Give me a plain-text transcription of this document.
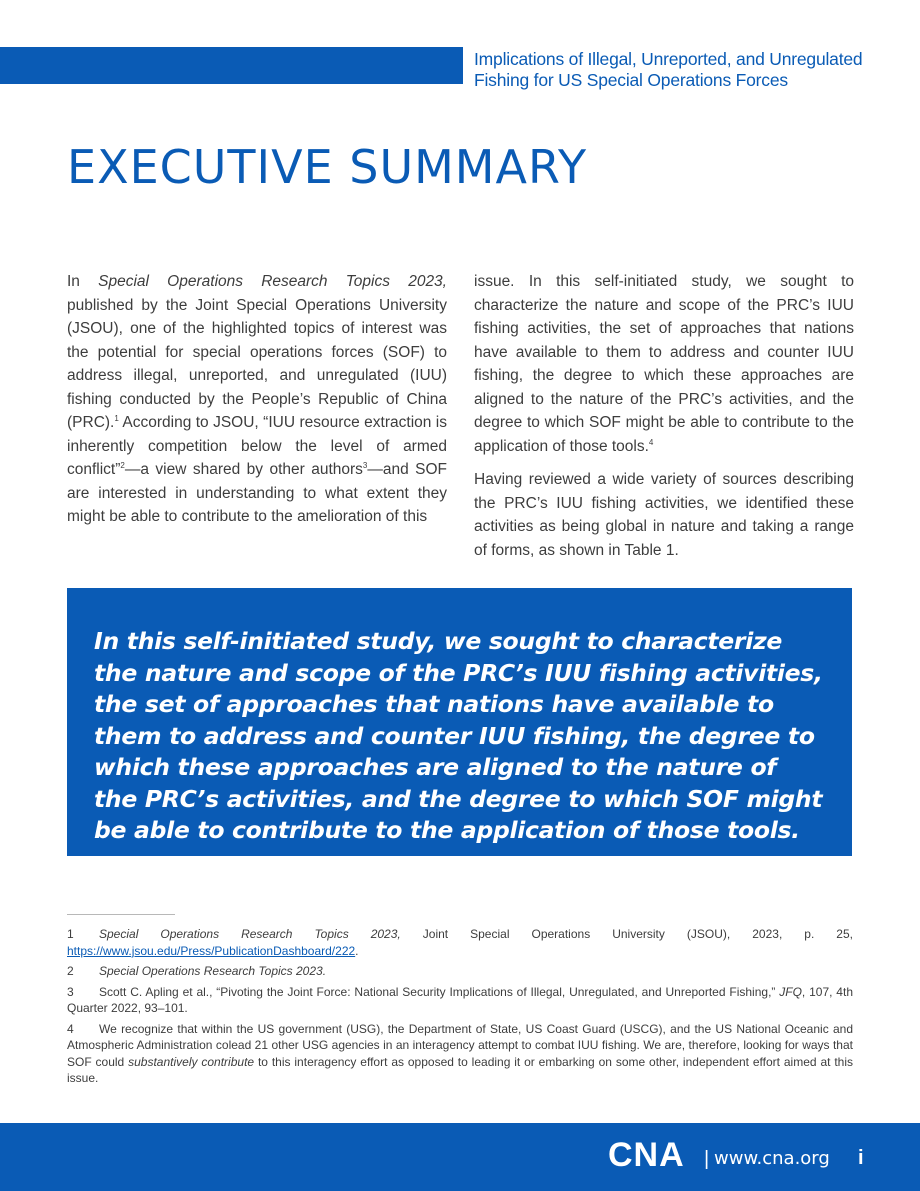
Implications of Illegal, Unreported, and Unregulated
Fishing for US Special Operations Forces
EXECUTIVE SUMMARY

In Special Operations Research Topics 2023, published by the Joint Special Operations University (JSOU), one of the highlighted topics of interest was the potential for special operations forces (SOF) to address illegal, unreported, and unregulated (IUU) fishing conducted by the People’s Republic of China (PRC).$^1$ According to JSOU, “IUU resource extraction is inherently competition below the level of armed conflict”$^2$—a view shared by other authors$^3$—and SOF are interested in understanding to what extent they might be able to contribute to the amelioration of this

issue. In this self-initiated study, we sought to characterize the nature and scope of the PRC’s IUU fishing activities, the set of approaches that nations have available to them to address and counter IUU fishing, the degree to which these approaches are aligned to the nature of the PRC’s activities, and the degree to which SOF might be able to contribute to the application of those tools.$^4$

Having reviewed a wide variety of sources describing the PRC’s IUU fishing activities, we identified these activities as being global in nature and taking a range of forms, as shown in Table 1.

In this self-initiated study, we sought to characterize the nature and scope of the PRC’s IUU fishing activities, the set of approaches that nations have available to them to address and counter IUU fishing, the degree to which these approaches are aligned to the nature of the PRC’s activities, and the degree to which SOF might be able to contribute to the application of those tools.

1 Special Operations Research Topics 2023, Joint Special Operations University (JSOU), 2023, p. 25, https://www.jsou.edu/Press/PublicationDashboard/222.

2 Special Operations Research Topics 2023.

3 Scott C. Apling et al., “Pivoting the Joint Force: National Security Implications of Illegal, Unregulated, and Unreported Fishing,” JFQ, 107, 4th Quarter 2022, 93–101.

4 We recognize that within the US government (USG), the Department of State, US Coast Guard (USCG), and the US National Oceanic and Atmospheric Administration colead 21 other USG agencies in an interagency attempt to combat IUU fishing. We are, therefore, looking for ways that SOF could substantively contribute to this interagency effort as opposed to leading it or embarking on some other, independent effort aimed at this issue.

CNA | www.cna.org i
